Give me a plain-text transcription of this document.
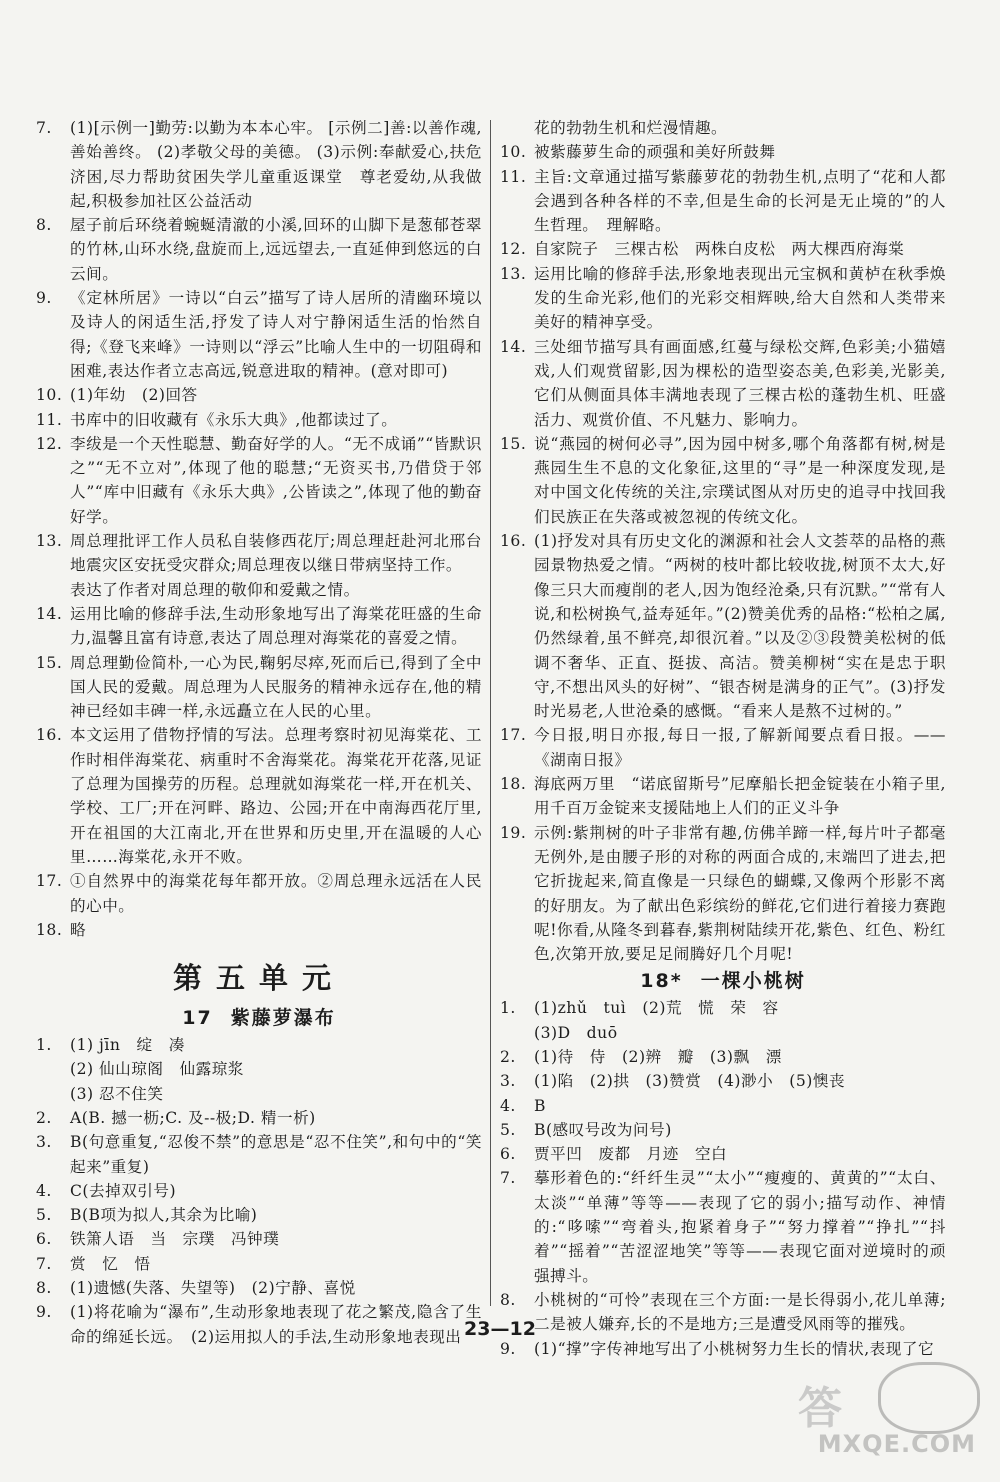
7. (1)[示例一]勤劳:以勤为本本心牢。 [示例二]善:以善作魂,善始善终。 (2)孝敬父母的美德。 (3)示例:奉献爱心,扶危济困,尽力帮助贫困失学儿童重返课堂　尊老爱幼,从我做起,积极参加社区公益活动
8. 屋子前后环绕着蜿蜒清澈的小溪,回环的山脚下是葱郁苍翠的竹林,山环水绕,盘旋而上,远远望去,一直延伸到悠远的白云间。
9. 《定林所居》一诗以“白云”描写了诗人居所的清幽环境以及诗人的闲适生活,抒发了诗人对宁静闲适生活的怡然自得;《登飞来峰》一诗则以“浮云”比喻人生中的一切阻碍和困难,表达作者立志高远,锐意进取的精神。(意对即可)
10. (1)年幼　(2)回答
11. 书库中的旧收藏有《永乐大典》,他都读过了。
12. 李绂是一个天性聪慧、勤奋好学的人。“无不成诵”“皆默识之”“无不立对”,体现了他的聪慧;“无资买书,乃借贷于邻人”“库中旧藏有《永乐大典》,公皆读之”,体现了他的勤奋好学。
13. 周总理批评工作人员私自装修西花厅;周总理赶赴河北邢台地震灾区安抚受灾群众;周总理夜以继日带病坚持工作。
表达了作者对周总理的敬仰和爱戴之情。
14. 运用比喻的修辞手法,生动形象地写出了海棠花旺盛的生命力,温馨且富有诗意,表达了周总理对海棠花的喜爱之情。
15. 周总理勤俭简朴,一心为民,鞠躬尽瘁,死而后已,得到了全中国人民的爱戴。周总理为人民服务的精神永远存在,他的精神已经如丰碑一样,永远矗立在人民的心里。
16. 本文运用了借物抒情的写法。总理考察时初见海棠花、工作时相伴海棠花、病重时不舍海棠花。海棠花开花落,见证了总理为国操劳的历程。总理就如海棠花一样,开在机关、学校、工厂;开在河畔、路边、公园;开在中南海西花厅里,开在祖国的大江南北,开在世界和历史里,开在温暖的人心里……海棠花,永开不败。
17. ①自然界中的海棠花每年都开放。②周总理永远活在人民的心中。
18. 略
第五单元
17 紫藤萝瀑布
1. (1) jīn　绽　凑
(2) 仙山琼阁　仙露琼浆
(3) 忍不住笑
2. A(B. 撼一枥;C. 及--极;D. 精一析)
3. B(句意重复,“忍俊不禁”的意思是“忍不住笑”,和句中的“笑起来”重复)
4. C(去掉双引号)
5. B(B项为拟人,其余为比喻)
6. 铁箫人语　当　宗璞　冯钟璞
7. 赏　忆　悟
8. (1)遗憾(失落、失望等)　(2)宁静、喜悦
9. (1)将花喻为“瀑布”,生动形象地表现了花之繁茂,隐含了生命的绵延长远。　(2)运用拟人的手法,生动形象地表现出
花的勃勃生机和烂漫情趣。
10. 被紫藤萝生命的顽强和美好所鼓舞
11. 主旨:文章通过描写紫藤萝花的勃勃生机,点明了“花和人都会遇到各种各样的不幸,但是生命的长河是无止境的”的人生哲理。　理解略。
12. 自家院子　三棵古松　两株白皮松　两大棵西府海棠
13. 运用比喻的修辞手法,形象地表现出元宝枫和黄栌在秋季焕发的生命光彩,他们的光彩交相辉映,给大自然和人类带来美好的精神享受。
14. 三处细节描写具有画面感,红蔓与绿松交辉,色彩美;小猫嬉戏,人们观赏留影,因为棵松的造型姿态美,色彩美,光影美,它们从侧面具体丰满地表现了三棵古松的蓬勃生机、旺盛活力、观赏价值、不凡魅力、影响力。
15. 说“燕园的树何必寻”,因为园中树多,哪个角落都有树,树是燕园生生不息的文化象征,这里的“寻”是一种深度发现,是对中国文化传统的关注,宗璞试图从对历史的追寻中找回我们民族正在失落或被忽视的传统文化。
16. (1)抒发对具有历史文化的渊源和社会人文荟萃的品格的燕园景物热爱之情。“两树的枝叶都比较收拢,树顶不太大,好像三只大而瘦削的老人,因为饱经沧桑,只有沉默。”“常有人说,和松树换气,益寿延年。”(2)赞美优秀的品格:“松柏之属,仍然绿着,虽不鲜亮,却很沉着。”以及②③段赞美松树的低调不奢华、正直、挺拔、高洁。赞美柳树“实在是忠于职守,不想出风头的好树”、“银杏树是满身的正气”。(3)抒发时光易老,人世沧桑的感慨。“看来人是熬不过树的。”
17. 今日报,明日亦报,每日一报,了解新闻要点看日报。——《湖南日报》
18. 海底两万里　“诺底留斯号”尼摩船长把金锭装在小箱子里,用千百万金锭来支援陆地上人们的正义斗争
19. 示例:紫荆树的叶子非常有趣,仿佛羊蹄一样,每片叶子都毫无例外,是由腰子形的对称的两面合成的,末端凹了进去,把它折拢起来,简直像是一只绿色的蝴蝶,又像两个形影不离的好朋友。为了献出色彩缤纷的鲜花,它们进行着接力赛跑呢!你看,从隆冬到暮春,紫荆树陆续开花,紫色、红色、粉红色,次第开放,要足足闹腾好几个月呢!
18* 一棵小桃树
1. (1)zhǔ　tuì　(2)荒　慌　荣　容
(3)D　duō
2. (1)待　侍　(2)辨　瓣　(3)飘　漂
3. (1)陷　(2)拱　(3)赞赏　(4)渺小　(5)懊丧
4. B
5. B(感叹号改为问号)
6. 贾平凹　废都　月迹　空白
7. 摹形着色的:“纤纤生灵”“太小”“瘦瘦的、黄黄的”“太白、太淡”“单薄”等等——表现了它的弱小;描写动作、神情的:“哆嗦”“弯着头,抱紧着身子”“努力撑着”“挣扎”“抖着”“摇着”“苦涩涩地笑”等等——表现它面对逆境时的顽强搏斗。
8. 小桃树的“可怜”表现在三个方面:一是长得弱小,花儿单薄;二是被人嫌弃,长的不是地方;三是遭受风雨等的摧残。
9. (1)“撑”字传神地写出了小桃树努力生长的情状,表现了它
23—12
答
MXQE.COM
